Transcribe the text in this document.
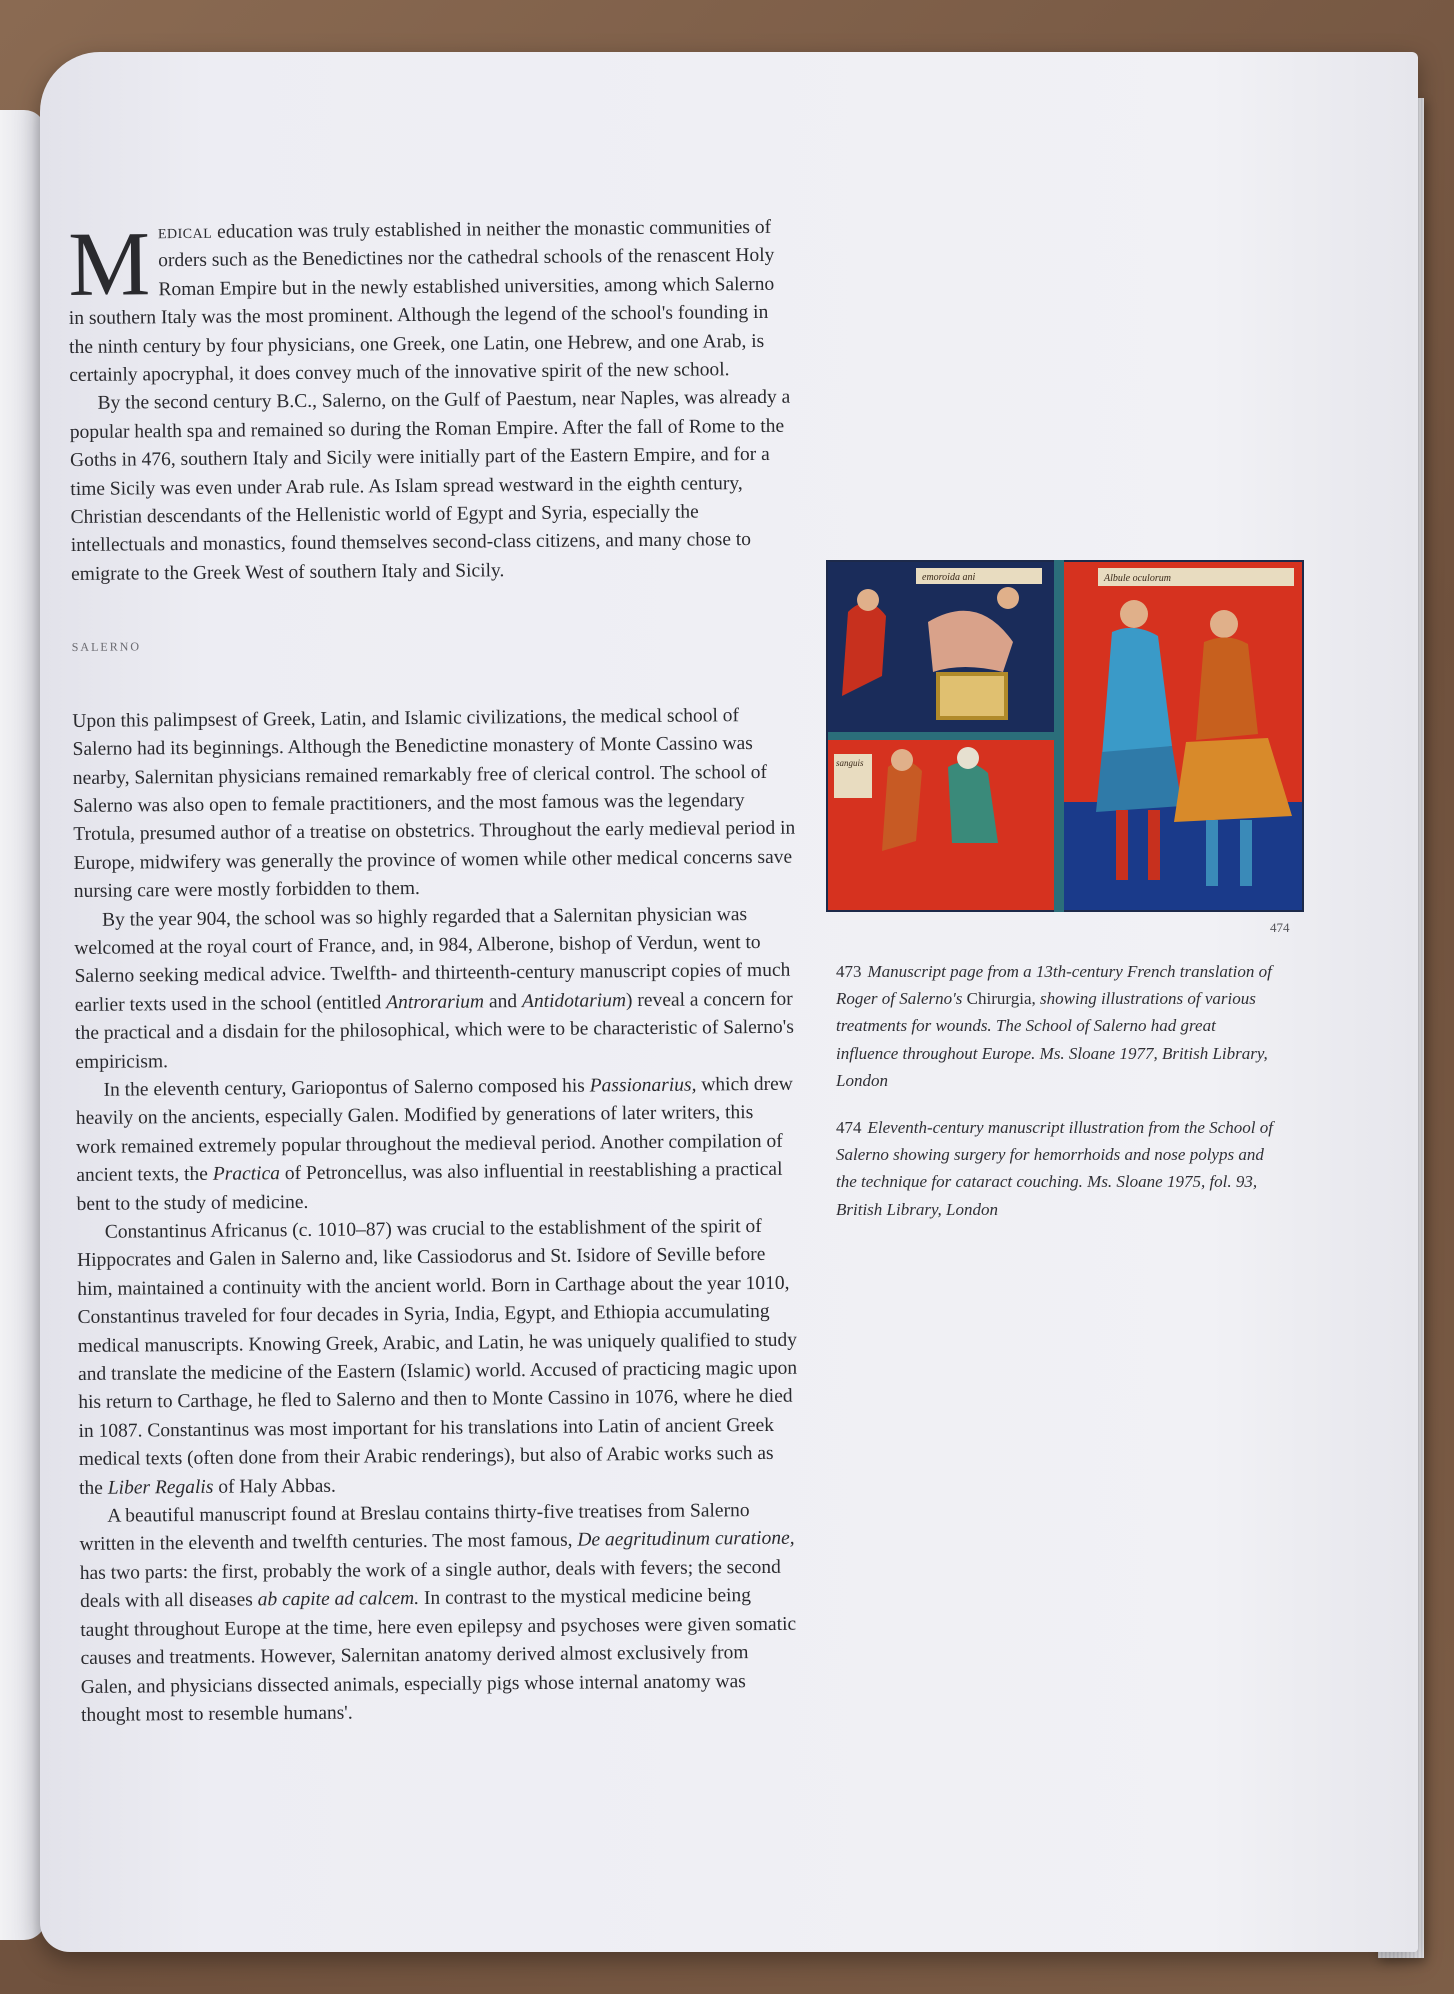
Medical education was truly established in neither the monastic communities of orders such as the Benedictines nor the cathedral schools of the renascent Holy Roman Empire but in the newly established universities, among which Salerno in southern Italy was the most prominent. Although the legend of the school's founding in the ninth century by four physicians, one Greek, one Latin, one Hebrew, and one Arab, is certainly apocryphal, it does convey much of the innovative spirit of the new school.

By the second century B.C., Salerno, on the Gulf of Paestum, near Naples, was already a popular health spa and remained so during the Roman Empire. After the fall of Rome to the Goths in 476, southern Italy and Sicily were initially part of the Eastern Empire, and for a time Sicily was even under Arab rule. As Islam spread westward in the eighth century, Christian descendants of the Hellenistic world of Egypt and Syria, especially the intellectuals and monastics, found themselves second-class citizens, and many chose to emigrate to the Greek West of southern Italy and Sicily.

SALERNO

Upon this palimpsest of Greek, Latin, and Islamic civilizations, the medical school of Salerno had its beginnings. Although the Benedictine monastery of Monte Cassino was nearby, Salernitan physicians remained remarkably free of clerical control. The school of Salerno was also open to female practitioners, and the most famous was the legendary Trotula, presumed author of a treatise on obstetrics. Throughout the early medieval period in Europe, midwifery was generally the province of women while other medical concerns save nursing care were mostly forbidden to them.

By the year 904, the school was so highly regarded that a Salernitan physician was welcomed at the royal court of France, and, in 984, Alberone, bishop of Verdun, went to Salerno seeking medical advice. Twelfth- and thirteenth-century manuscript copies of much earlier texts used in the school (entitled Antrorarium and Antidotarium) reveal a concern for the practical and a disdain for the philosophical, which were to be characteristic of Salerno's empiricism.

In the eleventh century, Gariopontus of Salerno composed his Passionarius, which drew heavily on the ancients, especially Galen. Modified by generations of later writers, this work remained extremely popular throughout the medieval period. Another compilation of ancient texts, the Practica of Petroncellus, was also influential in reestablishing a practical bent to the study of medicine.

Constantinus Africanus (c. 1010–87) was crucial to the establishment of the spirit of Hippocrates and Galen in Salerno and, like Cassiodorus and St. Isidore of Seville before him, maintained a continuity with the ancient world. Born in Carthage about the year 1010, Constantinus traveled for four decades in Syria, India, Egypt, and Ethiopia accumulating medical manuscripts. Knowing Greek, Arabic, and Latin, he was uniquely qualified to study and translate the medicine of the Eastern (Islamic) world. Accused of practicing magic upon his return to Carthage, he fled to Salerno and then to Monte Cassino in 1076, where he died in 1087. Constantinus was most important for his translations into Latin of ancient Greek medical texts (often done from their Arabic renderings), but also of Arabic works such as the Liber Regalis of Haly Abbas.

A beautiful manuscript found at Breslau contains thirty-five treatises from Salerno written in the eleventh and twelfth centuries. The most famous, De aegritudinum curatione, has two parts: the first, probably the work of a single author, deals with fevers; the second deals with all diseases ab capite ad calcem. In contrast to the mystical medicine being taught throughout Europe at the time, here even epilepsy and psychoses were given somatic causes and treatments. However, Salernitan anatomy derived almost exclusively from Galen, and physicians dissected animals, especially pigs whose internal anatomy was thought most to resemble humans'.

emoroida ani
sanguis
Albule oculorum
474

473 Manuscript page from a 13th-century French translation of Roger of Salerno's Chirurgia, showing illustrations of various treatments for wounds. The School of Salerno had great influence throughout Europe. Ms. Sloane 1977, British Library, London

474 Eleventh-century manuscript illustration from the School of Salerno showing surgery for hemorrhoids and nose polyps and the technique for cataract couching. Ms. Sloane 1975, fol. 93, British Library, London
